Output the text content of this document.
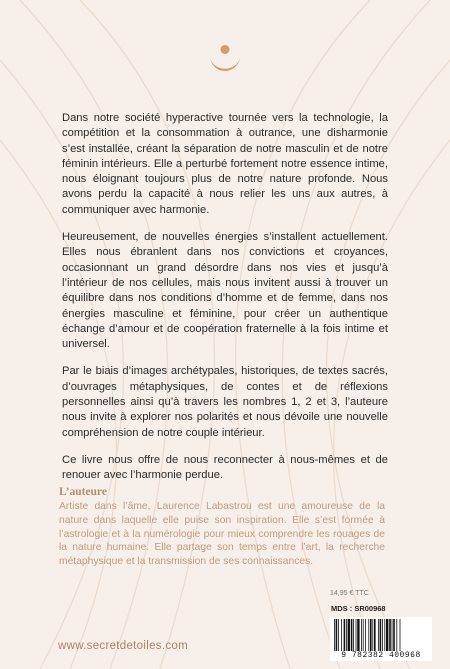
Dans notre société hyperactive tournée vers la technologie, la compétition et la consommation à outrance, une disharmonie s’est installée, créant la séparation de notre masculin et de notre féminin intérieurs. Elle a perturbé fortement notre essence intime, nous éloignant toujours plus de notre nature profonde. Nous avons perdu la capacité à nous relier les uns aux autres, à communiquer avec harmonie.

Heureusement, de nouvelles énergies s’installent actuellement. Elles nous ébranlent dans nos convictions et croyances, occasionnant un grand désordre dans nos vies et jusqu’à l’intérieur de nos cellules, mais nous invitent aussi à trouver un équilibre dans nos conditions d’homme et de femme, dans nos énergies masculine et féminine, pour créer un authentique échange d’amour et de coopération fraternelle à la fois intime et universel.

Par le biais d’images archétypales, historiques, de textes sacrés, d’ouvrages métaphysiques, de contes et de réflexions personnelles ainsi qu’à travers les nombres 1, 2 et 3, l’auteure nous invite à explorer nos polarités et nous dévoile une nouvelle compréhension de notre couple intérieur.

Ce livre nous offre de nous reconnecter à nous-mêmes et de renouer avec l’harmonie perdue.

L’auteure
Artiste dans l’âme, Laurence Labastrou est une amoureuse de la nature dans laquelle elle puise son inspiration. Elle s’est formée à l’astrologie et à la numérologie pour mieux comprendre les rouages de la nature humaine. Elle partage son temps entre l’art, la recherche métaphysique et la transmission de ses connaissances.
14,95 € TTC
MDS : SR00968
9 782382 400968
www.secretdetoiles.com
